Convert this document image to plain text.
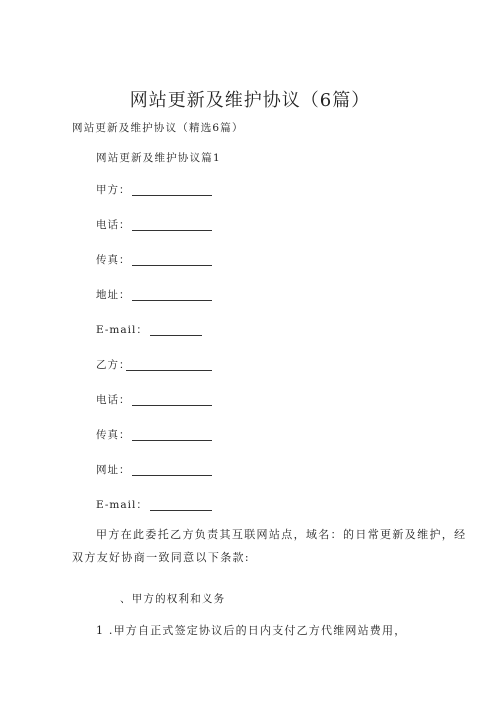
网站更新及维护协议（6篇）
网站更新及维护协议（精选6篇）
网站更新及维护协议篇1
甲方：
电话：
传真：
地址：
E-mail：
乙方：
电话：
传真：
网址：
E-mail：
甲方在此委托乙方负责其互联网站点，域名：的日常更新及维护，经
双方友好协商一致同意以下条款:
、甲方的权利和义务
1 .甲方自正式签定协议后的日内支付乙方代维网站费用，
